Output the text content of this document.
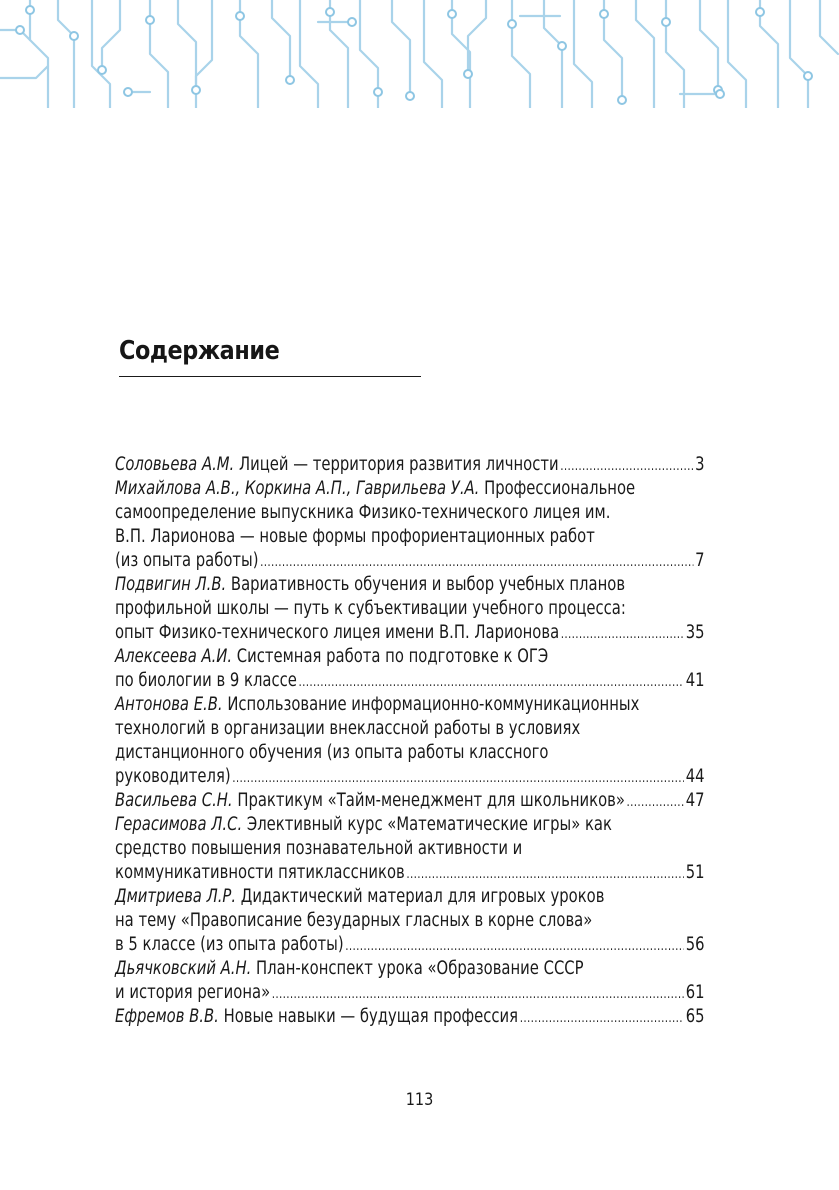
Содержание
Соловьева А.М. Лицей — территория развития личности .....	3
Михайлова А.В., Коркина А.П., Гаврильева У.А. Профессиональное
самоопределение выпускника Физико-технического лицея им.
В.П. Ларионова — новые формы профориентационных работ
(из опыта работы) .....	7
Подвигин Л.В. Вариативность обучения и выбор учебных планов
профильной школы — путь к субъективации учебного процесса:
опыт Физико-технического лицея имени В.П. Ларионова .....	35
Алексеева А.И. Системная работа по подготовке к ОГЭ
по биологии в 9 классе .....	41
Антонова Е.В. Использование информационно-коммуникационных
технологий в организации внеклассной работы в условиях
дистанционного обучения (из опыта работы классного
руководителя) .....	44
Васильева С.Н. Практикум «Тайм-менеджмент для школьников» .....	47
Герасимова Л.С. Элективный курс «Математические игры» как
средство повышения познавательной активности и
коммуникативности пятиклассников .....	51
Дмитриева Л.Р. Дидактический материал для игровых уроков
на тему «Правописание безударных гласных в корне слова»
в 5 классе (из опыта работы) .....	56
Дьячковский А.Н. План-конспект урока «Образование СССР
и история региона» .....	61
Ефремов В.В. Новые навыки — будущая профессия .....	65
113
